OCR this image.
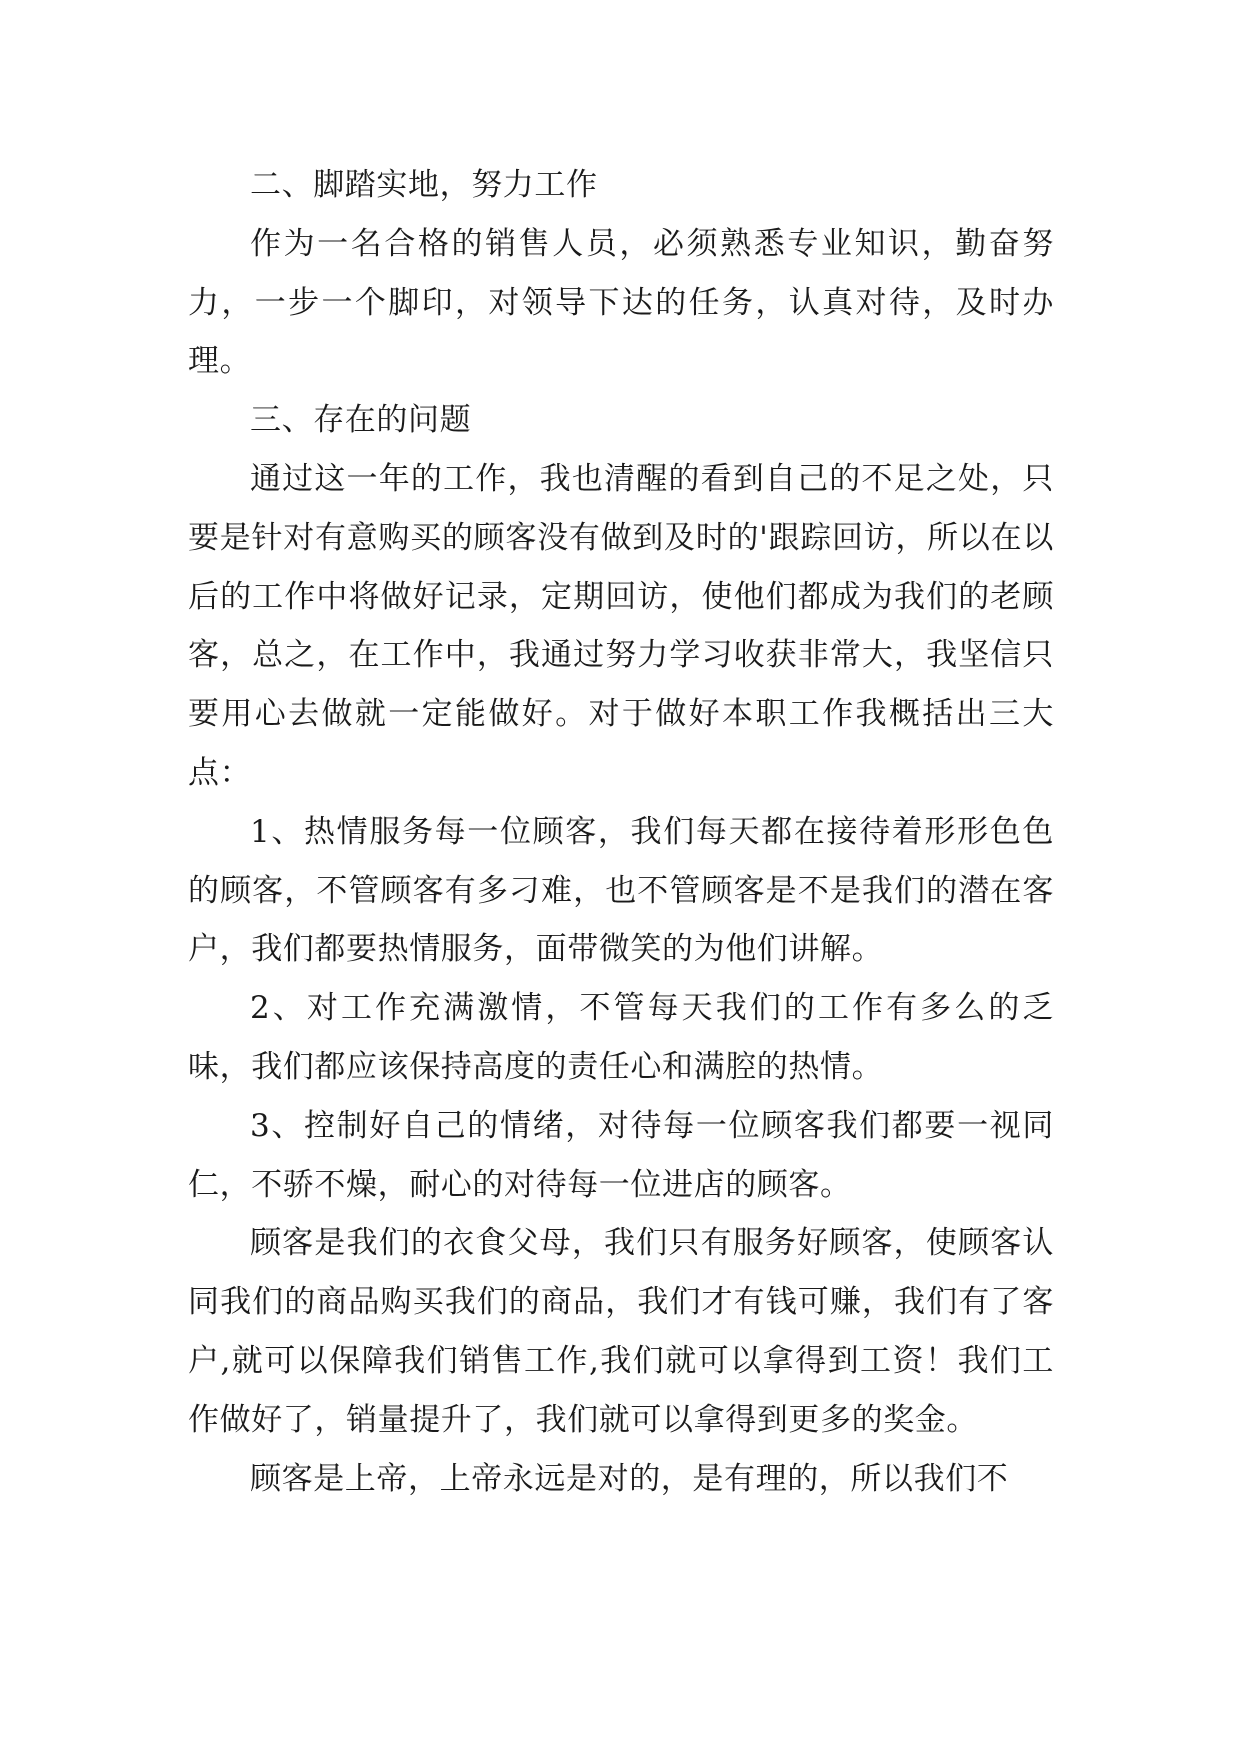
二、脚踏实地，努力工作

作为一名合格的销售人员，必须熟悉专业知识，勤奋努力，一步一个脚印，对领导下达的任务，认真对待，及时办理。

三、存在的问题

通过这一年的工作，我也清醒的看到自己的不足之处，只要是针对有意购买的顾客没有做到及时的'跟踪回访，所以在以后的工作中将做好记录，定期回访，使他们都成为我们的老顾客，总之，在工作中，我通过努力学习收获非常大，我坚信只要用心去做就一定能做好。对于做好本职工作我概括出三大点：

1、热情服务每一位顾客，我们每天都在接待着形形色色的顾客，不管顾客有多刁难，也不管顾客是不是我们的潜在客户，我们都要热情服务，面带微笑的为他们讲解。

2、对工作充满激情，不管每天我们的工作有多么的乏味，我们都应该保持高度的责任心和满腔的热情。

3、控制好自己的情绪，对待每一位顾客我们都要一视同仁，不骄不燥，耐心的对待每一位进店的顾客。

顾客是我们的衣食父母，我们只有服务好顾客，使顾客认同我们的商品购买我们的商品，我们才有钱可赚，我们有了客户,就可以保障我们销售工作,我们就可以拿得到工资！我们工作做好了，销量提升了，我们就可以拿得到更多的奖金。

顾客是上帝，上帝永远是对的，是有理的，所以我们不
